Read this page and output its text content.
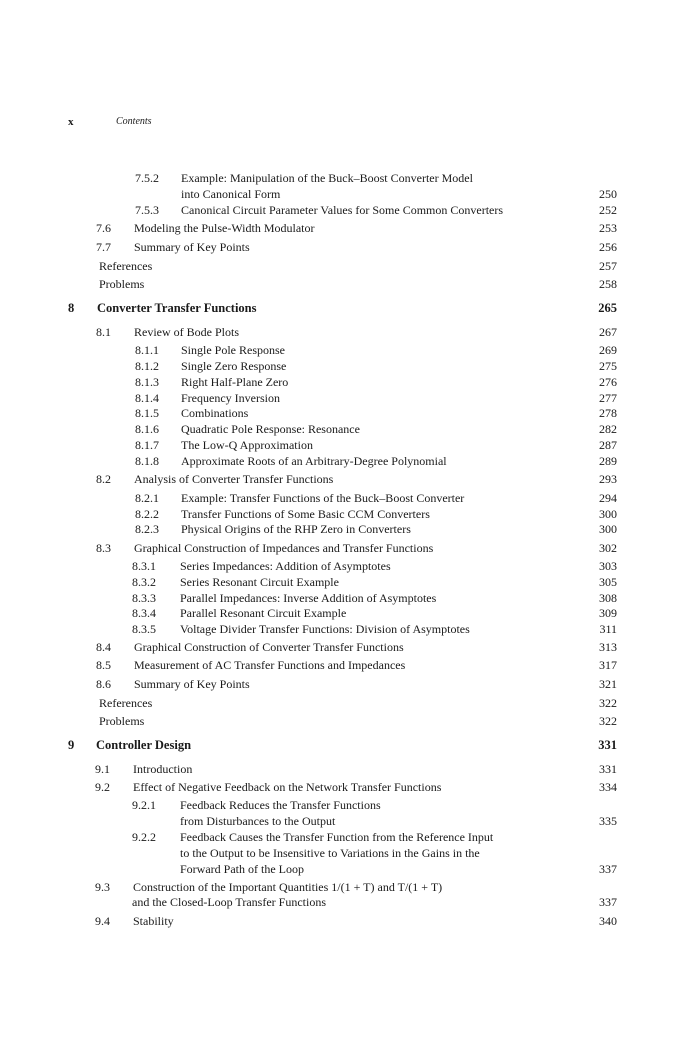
x	Contents
7.5.2 Example: Manipulation of the Buck–Boost Converter Model
into Canonical Form	250
7.5.3 Canonical Circuit Parameter Values for Some Common Converters	252
7.6 Modeling the Pulse-Width Modulator	253
7.7 Summary of Key Points	256
References	257
Problems	258
8 Converter Transfer Functions	265
8.1 Review of Bode Plots	267
8.1.1 Single Pole Response	269
8.1.2 Single Zero Response	275
8.1.3 Right Half-Plane Zero	276
8.1.4 Frequency Inversion	277
8.1.5 Combinations	278
8.1.6 Quadratic Pole Response: Resonance	282
8.1.7 The Low-Q Approximation	287
8.1.8 Approximate Roots of an Arbitrary-Degree Polynomial	289
8.2 Analysis of Converter Transfer Functions	293
8.2.1 Example: Transfer Functions of the Buck–Boost Converter	294
8.2.2 Transfer Functions of Some Basic CCM Converters	300
8.2.3 Physical Origins of the RHP Zero in Converters	300
8.3 Graphical Construction of Impedances and Transfer Functions	302
8.3.1 Series Impedances: Addition of Asymptotes	303
8.3.2 Series Resonant Circuit Example	305
8.3.3 Parallel Impedances: Inverse Addition of Asymptotes	308
8.3.4 Parallel Resonant Circuit Example	309
8.3.5 Voltage Divider Transfer Functions: Division of Asymptotes	311
8.4 Graphical Construction of Converter Transfer Functions	313
8.5 Measurement of AC Transfer Functions and Impedances	317
8.6 Summary of Key Points	321
References	322
Problems	322
9 Controller Design	331
9.1 Introduction	331
9.2 Effect of Negative Feedback on the Network Transfer Functions	334
9.2.1 Feedback Reduces the Transfer Functions
from Disturbances to the Output	335
9.2.2 Feedback Causes the Transfer Function from the Reference Input
to the Output to be Insensitive to Variations in the Gains in the
Forward Path of the Loop	337
9.3 Construction of the Important Quantities 1/(1 + T) and T/(1 + T)
and the Closed-Loop Transfer Functions	337
9.4 Stability	340
